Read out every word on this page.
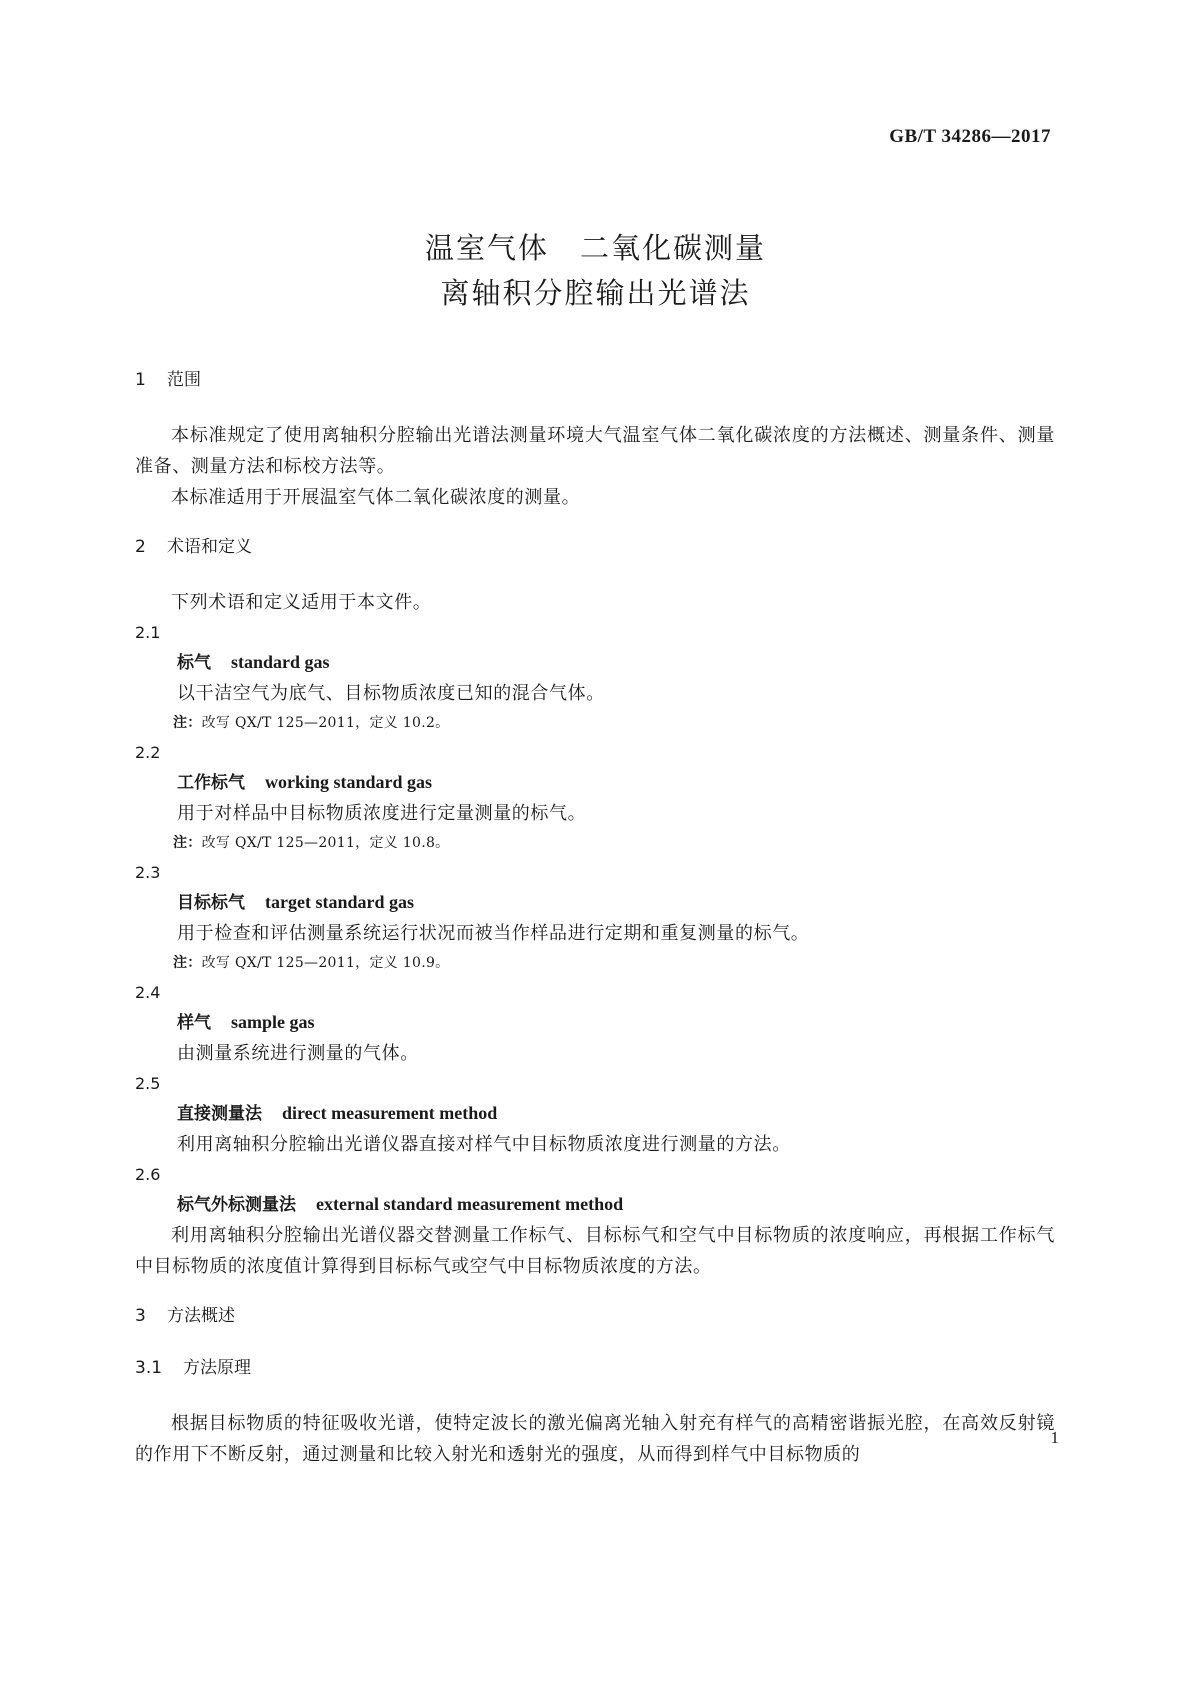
GB/T 34286—2017
温室气体　二氧化碳测量
离轴积分腔输出光谱法
1 范围
本标准规定了使用离轴积分腔输出光谱法测量环境大气温室气体二氧化碳浓度的方法概述、测量条件、测量准备、测量方法和标校方法等。
本标准适用于开展温室气体二氧化碳浓度的测量。
2 术语和定义
下列术语和定义适用于本文件。
2.1
标气 standard gas
以干洁空气为底气、目标物质浓度已知的混合气体。
注：改写 QX/T 125—2011，定义 10.2。
2.2
工作标气 working standard gas
用于对样品中目标物质浓度进行定量测量的标气。
注：改写 QX/T 125—2011，定义 10.8。
2.3
目标标气 target standard gas
用于检查和评估测量系统运行状况而被当作样品进行定期和重复测量的标气。
注：改写 QX/T 125—2011，定义 10.9。
2.4
样气 sample gas
由测量系统进行测量的气体。
2.5
直接测量法 direct measurement method
利用离轴积分腔输出光谱仪器直接对样气中目标物质浓度进行测量的方法。
2.6
标气外标测量法 external standard measurement method
利用离轴积分腔输出光谱仪器交替测量工作标气、目标标气和空气中目标物质的浓度响应，再根据工作标气中目标物质的浓度值计算得到目标标气或空气中目标物质浓度的方法。
3 方法概述
3.1 方法原理
根据目标物质的特征吸收光谱，使特定波长的激光偏离光轴入射充有样气的高精密谐振光腔，在高效反射镜的作用下不断反射，通过测量和比较入射光和透射光的强度，从而得到样气中目标物质的
1
